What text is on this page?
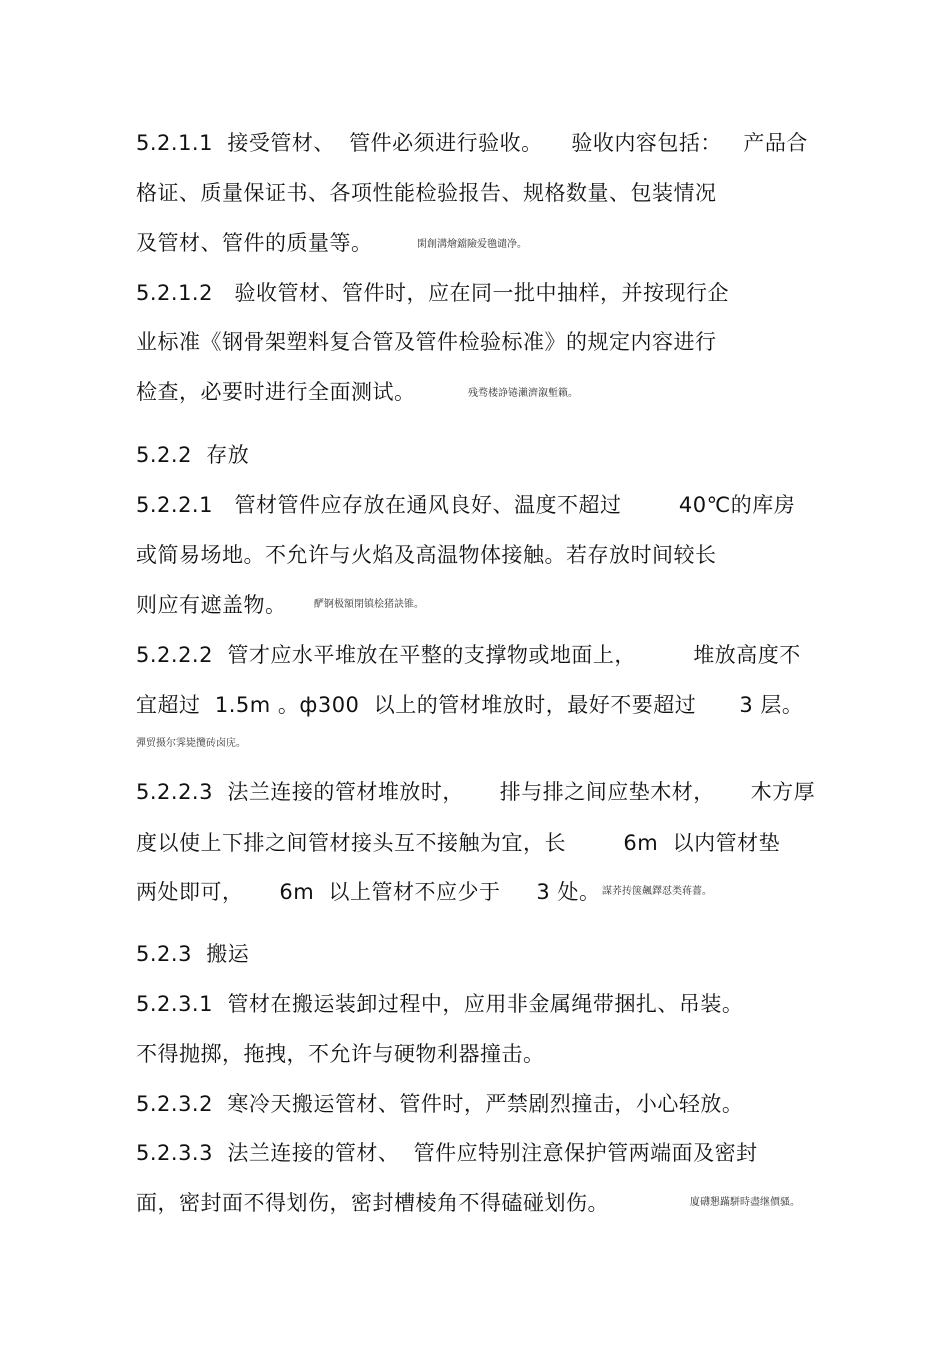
5.2.1.1  接受管材、  管件必须进行验收。    验收内容包括：   产品合
格证、质量保证书、各项性能检验报告、规格数量、包装情况
及管材、管件的质量等。	閑創溝燴鐺險爱氇谴净。
5.2.1.2   验收管材、管件时，应在同一批中抽样，并按现行企
业标准《钢骨架塑料复合管及管件检验标准》的规定内容进行
检查，必要时进行全面测试。	残骛楼諍锩瀨濟溆塹籟。
5.2.2  存放
5.2.2.1   管材管件应存放在通风良好、温度不超过        40℃的库房
或简易场地。不允许与火焰及高温物体接触。若存放时间较长
则应有遮盖物。	酽锕极額閉镇桧猪訣锥。
5.2.2.2  管才应水平堆放在平整的支撑物或地面上，        堆放高度不
宜超过  1.5m 。ф300  以上的管材堆放时，最好不要超过      3 层。
彈贸摄尔霁毙攬砖卤庑。
5.2.2.3  法兰连接的管材堆放时，     排与排之间应垫木材，     木方厚
度以使上下排之间管材接头互不接触为宜，长        6m  以内管材垫
两处即可，     6m  以上管材不应少于     3 处。 謀荞抟箧飆鐸怼类蒋薔。
5.2.3  搬运
5.2.3.1  管材在搬运装卸过程中，应用非金属绳带捆扎、吊装。
不得抛掷，拖拽，不允许与硬物利器撞击。
5.2.3.2  寒冷天搬运管材、管件时，严禁剧烈撞击，小心轻放。
5.2.3.3  法兰连接的管材、  管件应特别注意保护管两端面及密封
面，密封面不得划伤，密封槽棱角不得磕碰划伤。	廈礴懇蹣駢時盡继價骚。
